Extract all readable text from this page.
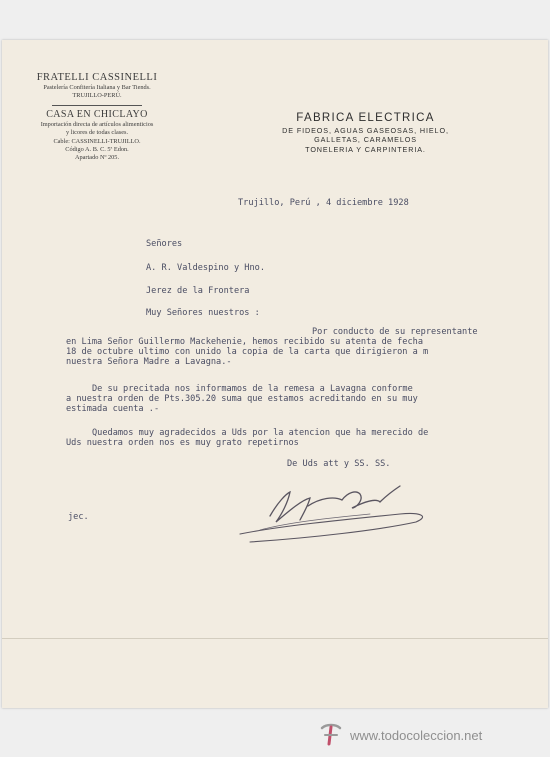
FRATELLI CASSINELLI
Pastelería Confitería Italiana y Bar Tiends.
TRUJILLO-PERÚ.
CASA EN CHICLAYO
Importación directa de artículos alimenticios
y licores de todas clases.
Cable: CASSINELLI-TRUJILLO.
Código A. B. C. 5ª Edon.
Apartado Nº 205.
FABRICA ELECTRICA
DE FIDEOS, AGUAS GASEOSAS, HIELO,
GALLETAS, CARAMELOS
TONELERIA Y CARPINTERIA.
Trujillo, Perú , 4 diciembre 1928
Señores
A. R. Valdespino y Hno.
Jerez de la Frontera
Muy Señores nuestros :
Por conducto de su representante
en Lima Señor Guillermo Mackehenie, hemos recibido su atenta de fecha
18 de octubre ultimo con unido la copia de la carta que dirigieron a m
nuestra Señora Madre a Lavagna.-
De su precitada nos informamos de la remesa a Lavagna conforme
a nuestra orden de Pts.305.20 suma que estamos acreditando en su muy
estimada cuenta .-
Quedamos muy agradecidos a Uds por la atencion que ha merecido de
Uds nuestra orden nos es muy grato repetirnos
De Uds att y SS. SS.
jec.
www.todocoleccion.net
